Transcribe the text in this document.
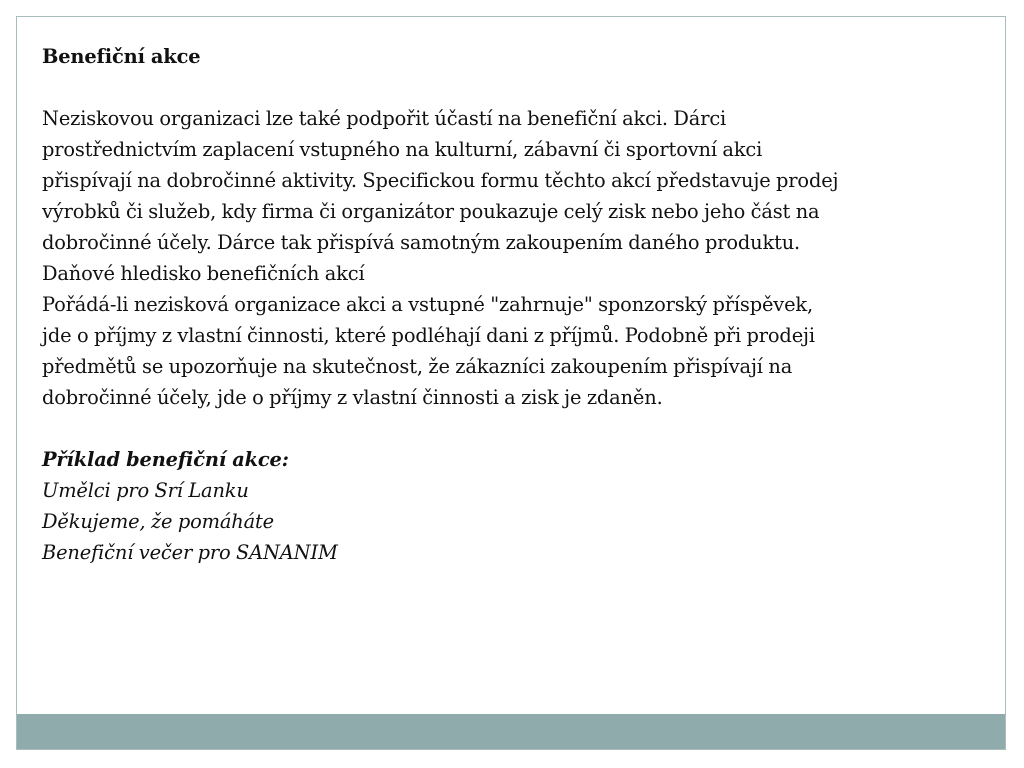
Benefiční akce

Neziskovou organizaci lze také podpořit účastí na benefiční akci. Dárci
prostřednictvím zaplacení vstupného na kulturní, zábavní či sportovní akci
přispívají na dobročinné aktivity. Specifickou formu těchto akcí představuje prodej
výrobků či služeb, kdy firma či organizátor poukazuje celý zisk nebo jeho část na
dobročinné účely. Dárce tak přispívá samotným zakoupením daného produktu.

Daňové hledisko benefičních akcí

Pořádá-li nezisková organizace akci a vstupné "zahrnuje" sponzorský příspěvek,
jde o příjmy z vlastní činnosti, které podléhají dani z příjmů. Podobně při prodeji
předmětů se upozorňuje na skutečnost, že zákazníci zakoupením přispívají na
dobročinné účely, jde o příjmy z vlastní činnosti a zisk je zdaněn.

Příklad benefiční akce:

Umělci pro Srí Lanku

Děkujeme, že pomáháte

Benefiční večer pro SANANIM
